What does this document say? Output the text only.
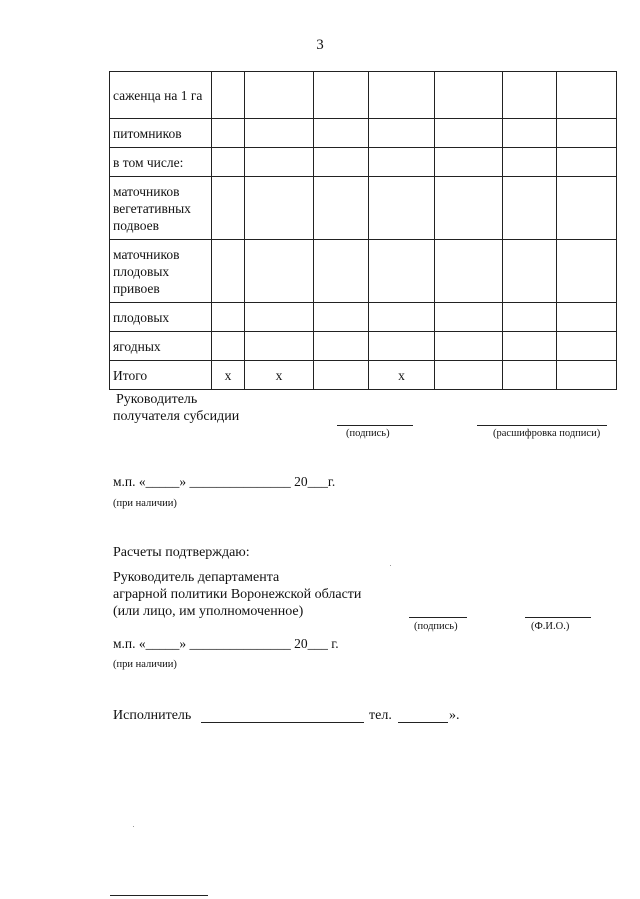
3
саженца на 1 га							
питомников							
в том числе:							
маточников вегетативных подвоев							
маточников плодовых привоев							
плодовых							
ягодных							
Итого	x	x		x			
Руководитель
получателя субсидии
(подпись)	(расшифровка подписи)
м.п. «_____» _______________ 20___г.
(при наличии)
Расчеты подтверждаю:
Руководитель департамента
аграрной политики Воронежской области
(или лицо, им уполномоченное)
(подпись)	(Ф.И.О.)
м.п. «_____» _______________ 20___ г.
(при наличии)
Исполнитель	тел.	».
